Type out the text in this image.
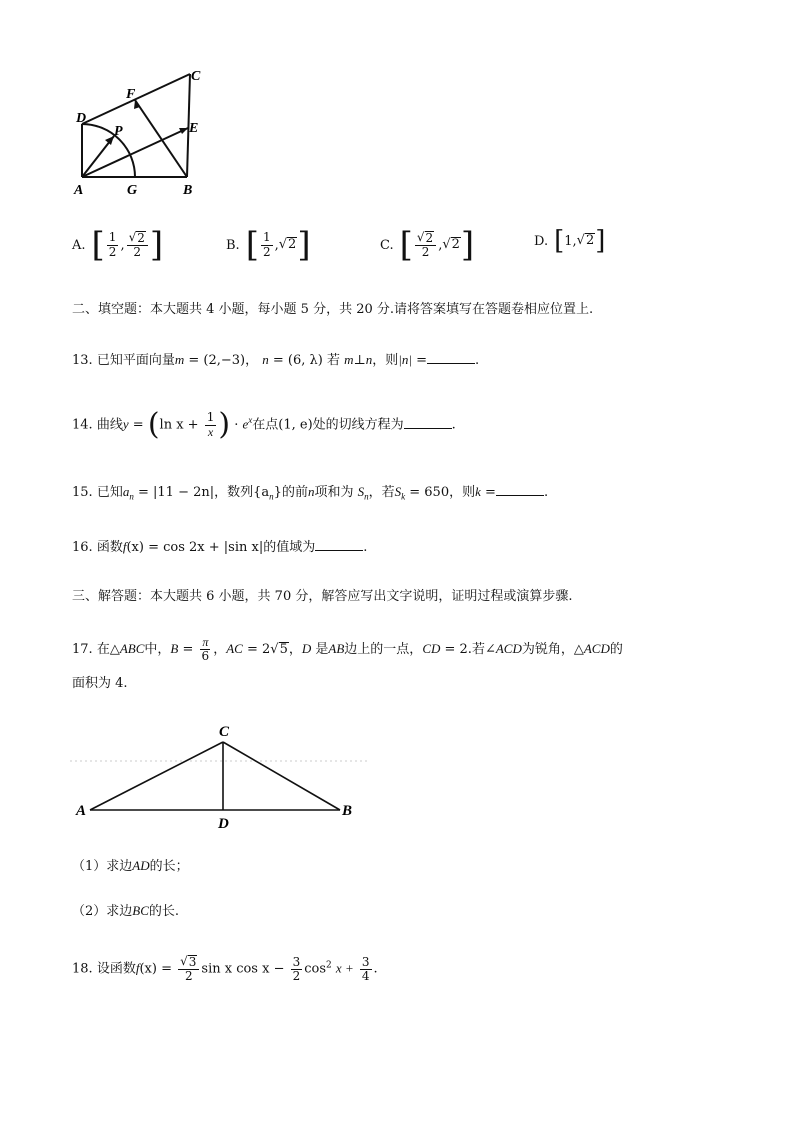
A	B
C
D
E
F
G
P
A. [ $\frac{1}{2}$ , $\frac{√ 2}{2}$ ]	B. [ $\frac{1}{2}$ , √ 2 ]	C. [ $\frac{√ 2}{2}$ , √ 2 ]	D. [ 1, √ 2 ]
二、填空题：本大题共 4 小题，每小题 5 分，共 20 分.请将答案填写在答题卷相应位置上.
13. 已知平面向量m = (2,−3)， n = (6, λ) 若 m⊥n，则|n| =	.
14. 曲线y = (ln $x + \frac{1}{x}$ ) · $e^x$在点(1, e)处的切线方程为	.
15. 已知$a_n = |11 - 2n|$，数列$\{a_n\}$的前n项和为 $S_n$，若$S_k = 650$，则k =	.
16. 函数f(x) = cos 2x + |sin x|的值域为	.
三、解答题：本大题共 6 小题，共 70 分，解答应写出文字说明，证明过程或演算步骤.
17. 在△ABC中，$B = \frac{\pi}{6}$ ，AC = 2√ 5 ，D 是AB边上的一点，CD = 2.若∠ACD为锐角，△ACD的
面积为 4.
A	B
C
D
（1）求边AD的长；
（2）求边BC的长.
18. 设函数$f(x) = \frac{√ 3}{2}$ sin x $\cos x - \frac{3}{2} \cos^2 x + \frac{3}{4}$ .
